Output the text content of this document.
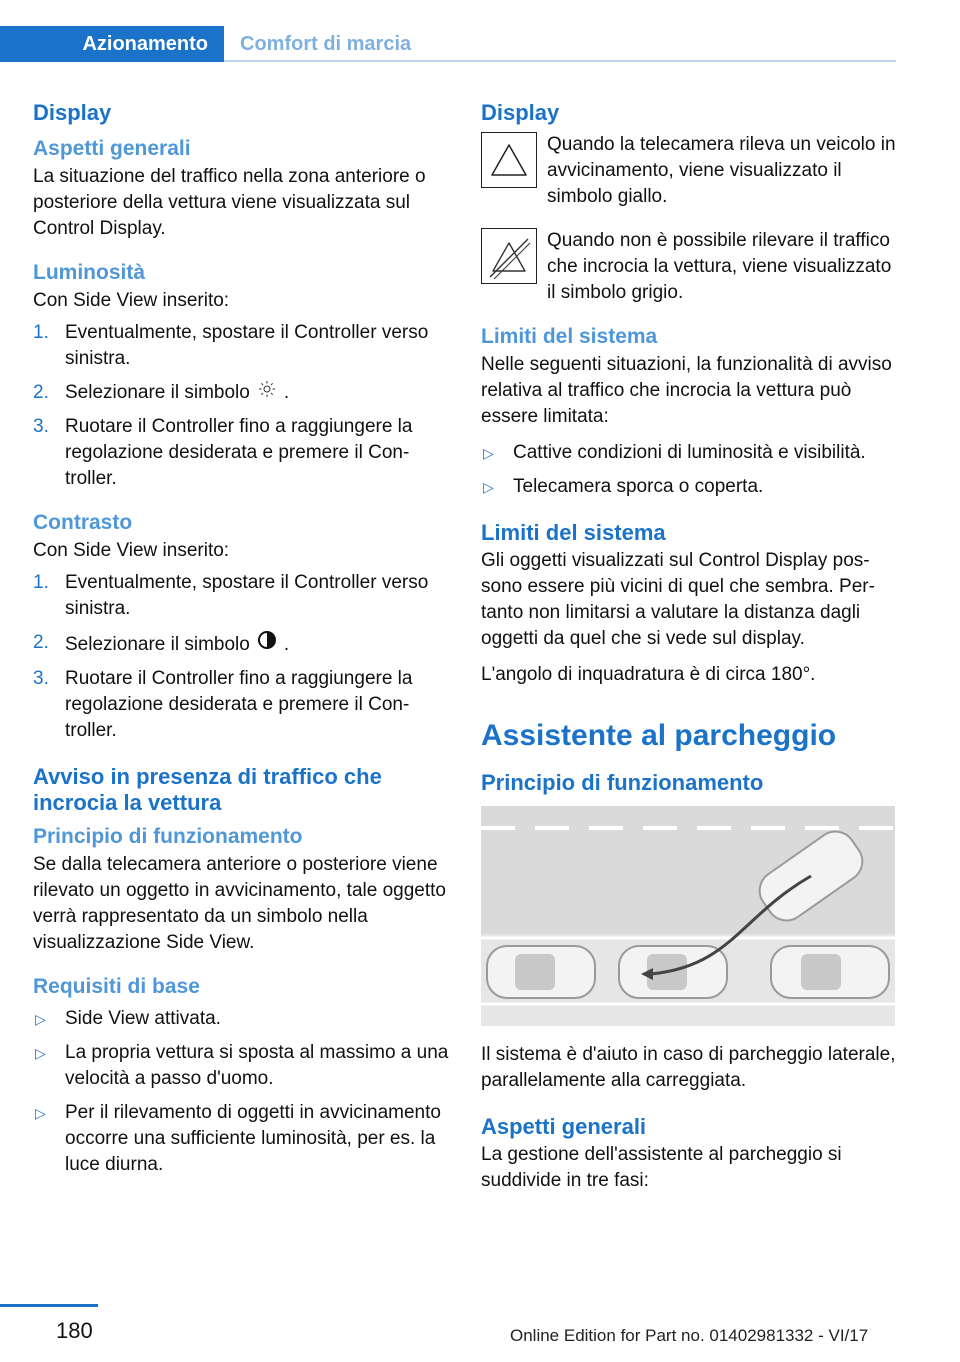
Azionamento Comfort di marcia
Display
Aspetti generali

La situazione del traffico nella zona anteriore o posteriore della vettura viene visualizzata sul Control Display.

Luminosità

Con Side View inserito:

1. Eventualmente, spostare il Controller verso sinistra.
2. Selezionare il simbolo .
3. Ruotare il Controller fino a raggiungere la regolazione desiderata e premere il Controller.
Contrasto

Con Side View inserito:

1. Eventualmente, spostare il Controller verso sinistra.
2. Selezionare il simbolo .
3. Ruotare il Controller fino a raggiungere la regolazione desiderata e premere il Controller.
Avviso in presenza di traffico che incrocia la vettura
Principio di funzionamento

Se dalla telecamera anteriore o posteriore viene rilevato un oggetto in avvicinamento, tale oggetto verrà rappresentato da un simbolo nella visualizzazione Side View.

Requisiti di base
▷ Side View attivata.
▷ La propria vettura si sposta al massimo a una velocità a passo d'uomo.
▷ Per il rilevamento di oggetti in avvicinamento occorre una sufficiente luminosità, per es. la luce diurna.
Display
Quando la telecamera rileva un veicolo in avvicinamento, viene visualizzato il simbolo giallo.
Quando non è possibile rilevare il traffico che incrocia la vettura, viene visualizzato il simbolo grigio.
Limiti del sistema

Nelle seguenti situazioni, la funzionalità di avviso relativa al traffico che incrocia la vettura può essere limitata:

▷ Cattive condizioni di luminosità e visibilità.
▷ Telecamera sporca o coperta.
Limiti del sistema

Gli oggetti visualizzati sul Control Display possono essere più vicini di quel che sembra. Pertanto non limitarsi a valutare la distanza dagli oggetti da quel che si vede sul display.

L'angolo di inquadratura è di circa 180°.

Assistente al parcheggio
Principio di funzionamento

Il sistema è d'aiuto in caso di parcheggio laterale, parallelamente alla carreggiata.

Aspetti generali

La gestione dell'assistente al parcheggio si suddivide in tre fasi:

180	Online Edition for Part no. 01402981332 - VI/17
